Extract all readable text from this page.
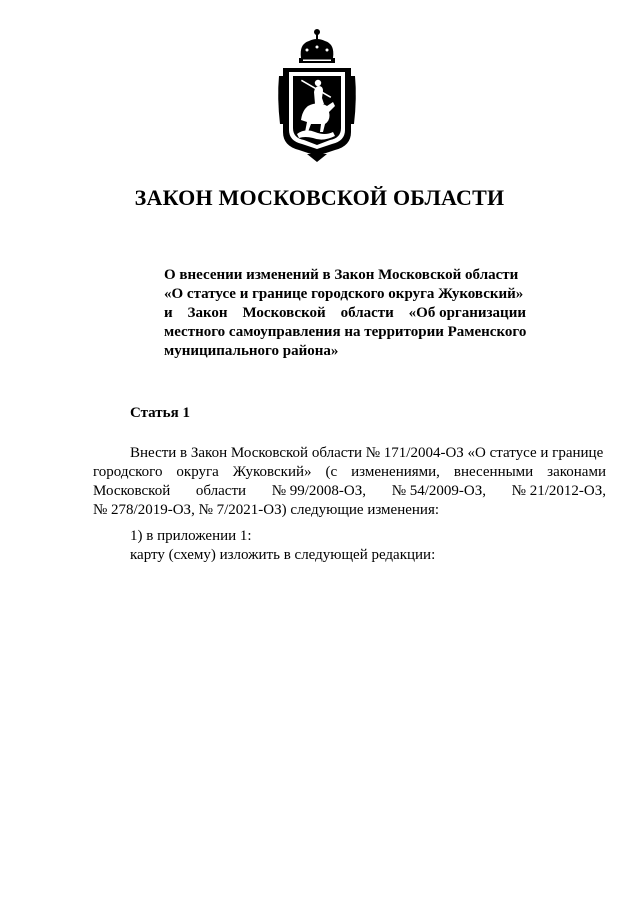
ЗАКОН МОСКОВСКОЙ ОБЛАСТИ
О внесении изменений в Закон Московской области
«О статусе и границе городского округа Жуковский»
и Закон Московской области «Об организации
местного самоуправления на территории Раменского
муниципального района»
Статья 1
Внести в Закон Московской области № 171/2004-ОЗ «О статусе и границе
городского округа Жуковский» (с изменениями, внесенными законами
Московской области № 99/2008-ОЗ, № 54/2009-ОЗ, № 21/2012-ОЗ,
№ 278/2019-ОЗ, № 7/2021-ОЗ) следующие изменения:
1) в приложении 1:
карту (схему) изложить в следующей редакции:
